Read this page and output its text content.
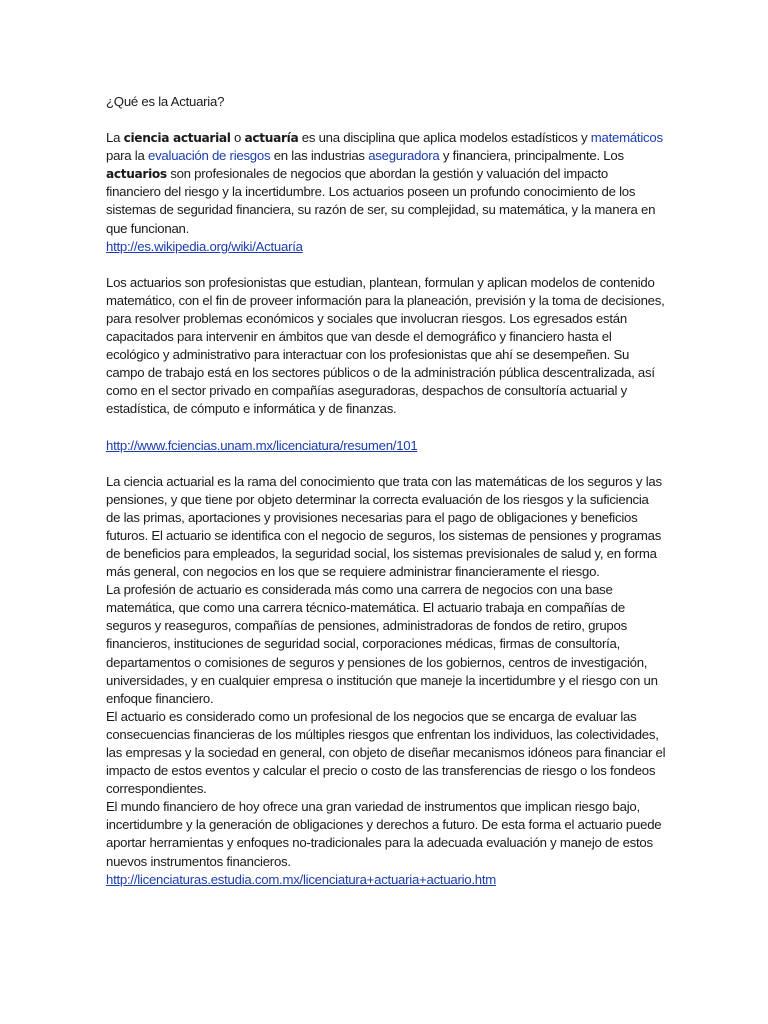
¿Qué es la Actuaria?

La ciencia actuarial o actuaría es una disciplina que aplica modelos estadísticos y matemáticos para la evaluación de riesgos en las industrias aseguradora y financiera, principalmente. Los actuarios son profesionales de negocios que abordan la gestión y valuación del impacto financiero del riesgo y la incertidumbre. Los actuarios poseen un profundo conocimiento de los sistemas de seguridad financiera, su razón de ser, su complejidad, su matemática, y la manera en que funcionan.

http://es.wikipedia.org/wiki/Actuaría

Los actuarios son profesionistas que estudian, plantean, formulan y aplican modelos de contenido matemático, con el fin de proveer información para la planeación, previsión y la toma de decisiones, para resolver problemas económicos y sociales que involucran riesgos. Los egresados están capacitados para intervenir en ámbitos que van desde el demográfico y financiero hasta el ecológico y administrativo para interactuar con los profesionistas que ahí se desempeñen. Su campo de trabajo está en los sectores públicos o de la administración pública descentralizada, así como en el sector privado en compañías aseguradoras, despachos de consultoría actuarial y estadística, de cómputo e informática y de finanzas.

http://www.fciencias.unam.mx/licenciatura/resumen/101

La ciencia actuarial es la rama del conocimiento que trata con las matemáticas de los seguros y las pensiones, y que tiene por objeto determinar la correcta evaluación de los riesgos y la suficiencia de las primas, aportaciones y provisiones necesarias para el pago de obligaciones y beneficios futuros. El actuario se identifica con el negocio de seguros, los sistemas de pensiones y programas de beneficios para empleados, la seguridad social, los sistemas previsionales de salud y, en forma más general, con negocios en los que se requiere administrar financieramente el riesgo.

La profesión de actuario es considerada más como una carrera de negocios con una base matemática, que como una carrera técnico-matemática. El actuario trabaja en compañías de seguros y reaseguros, compañías de pensiones, administradoras de fondos de retiro, grupos financieros, instituciones de seguridad social, corporaciones médicas, firmas de consultoría, departamentos o comisiones de seguros y pensiones de los gobiernos, centros de investigación, universidades, y en cualquier empresa o institución que maneje la incertidumbre y el riesgo con un enfoque financiero.

El actuario es considerado como un profesional de los negocios que se encarga de evaluar las consecuencias financieras de los múltiples riesgos que enfrentan los individuos, las colectividades, las empresas y la sociedad en general, con objeto de diseñar mecanismos idóneos para financiar el impacto de estos eventos y calcular el precio o costo de las transferencias de riesgo o los fondeos correspondientes.

El mundo financiero de hoy ofrece una gran variedad de instrumentos que implican riesgo bajo, incertidumbre y la generación de obligaciones y derechos a futuro. De esta forma el actuario puede aportar herramientas y enfoques no-tradicionales para la adecuada evaluación y manejo de estos nuevos instrumentos financieros.

http://licenciaturas.estudia.com.mx/licenciatura+actuaria+actuario.htm
